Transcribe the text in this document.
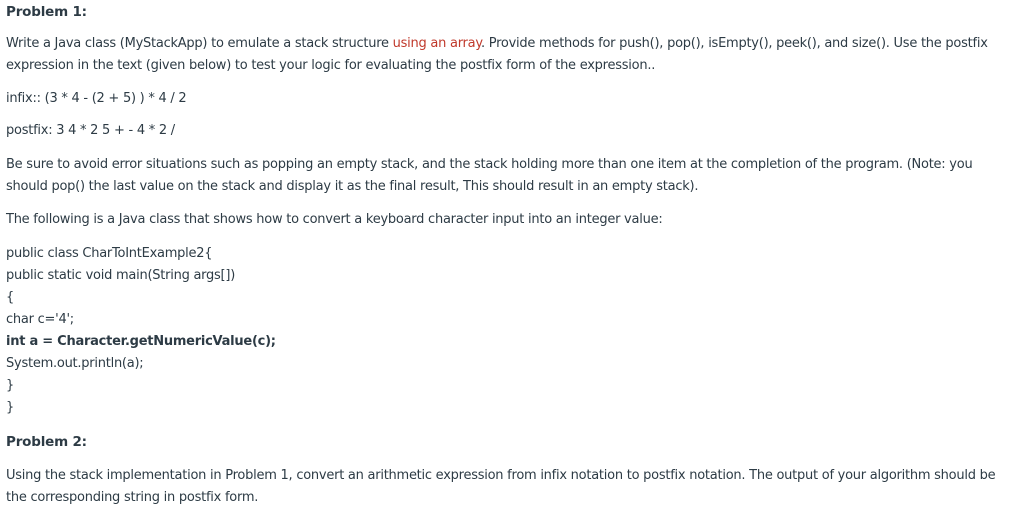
Problem 1:

Write a Java class (MyStackApp) to emulate a stack structure using an array. Provide methods for push(), pop(), isEmpty(), peek(), and size(). Use the postfix expression in the text (given below) to test your logic for evaluating the postfix form of the expression..

infix:: (3 * 4 - (2 + 5) ) * 4 / 2

postfix: 3 4 * 2 5 + - 4 * 2 /

Be sure to avoid error situations such as popping an empty stack, and the stack holding more than one item at the completion of the program. (Note: you should pop() the last value on the stack and display it as the final result, This should result in an empty stack).

The following is a Java class that shows how to convert a keyboard character input into an integer value:

public class CharToIntExample2{

public static void main(String args[])

{

char c='4';

int a = Character.getNumericValue(c);

System.out.println(a);

}

}

Problem 2:

Using the stack implementation in Problem 1, convert an arithmetic expression from infix notation to postfix notation. The output of your algorithm should be the corresponding string in postfix form.
